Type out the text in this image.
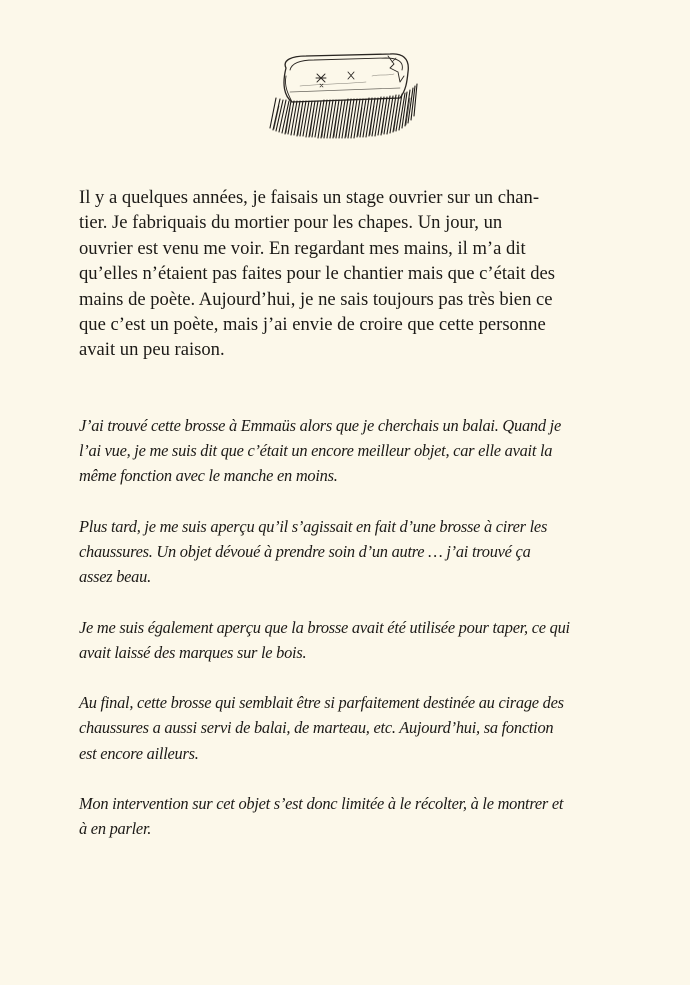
Il y a quelques années, je faisais un stage ouvrier sur un chan-
tier. Je fabriquais du mortier pour les chapes. Un jour, un
ouvrier est venu me voir. En regardant mes mains, il m’a dit
qu’elles n’étaient pas faites pour le chantier mais que c’était des
mains de poète. Aujourd’hui, je ne sais toujours pas très bien ce
que c’est un poète, mais j’ai envie de croire que cette personne
avait un peu raison.

J’ai trouvé cette brosse à Emmaüs alors que je cherchais un balai. Quand je
l’ai vue, je me suis dit que c’était un encore meilleur objet, car elle avait la
même fonction avec le manche en moins.

Plus tard, je me suis aperçu qu’il s’agissait en fait d’une brosse à cirer les
chaussures. Un objet dévoué à prendre soin d’un autre … j’ai trouvé ça
assez beau.

Je me suis également aperçu que la brosse avait été utilisée pour taper, ce qui
avait laissé des marques sur le bois.

Au final, cette brosse qui semblait être si parfaitement destinée au cirage des
chaussures a aussi servi de balai, de marteau, etc. Aujourd’hui, sa fonction
est encore ailleurs.

Mon intervention sur cet objet s’est donc limitée à le récolter, à le montrer et
à en parler.
